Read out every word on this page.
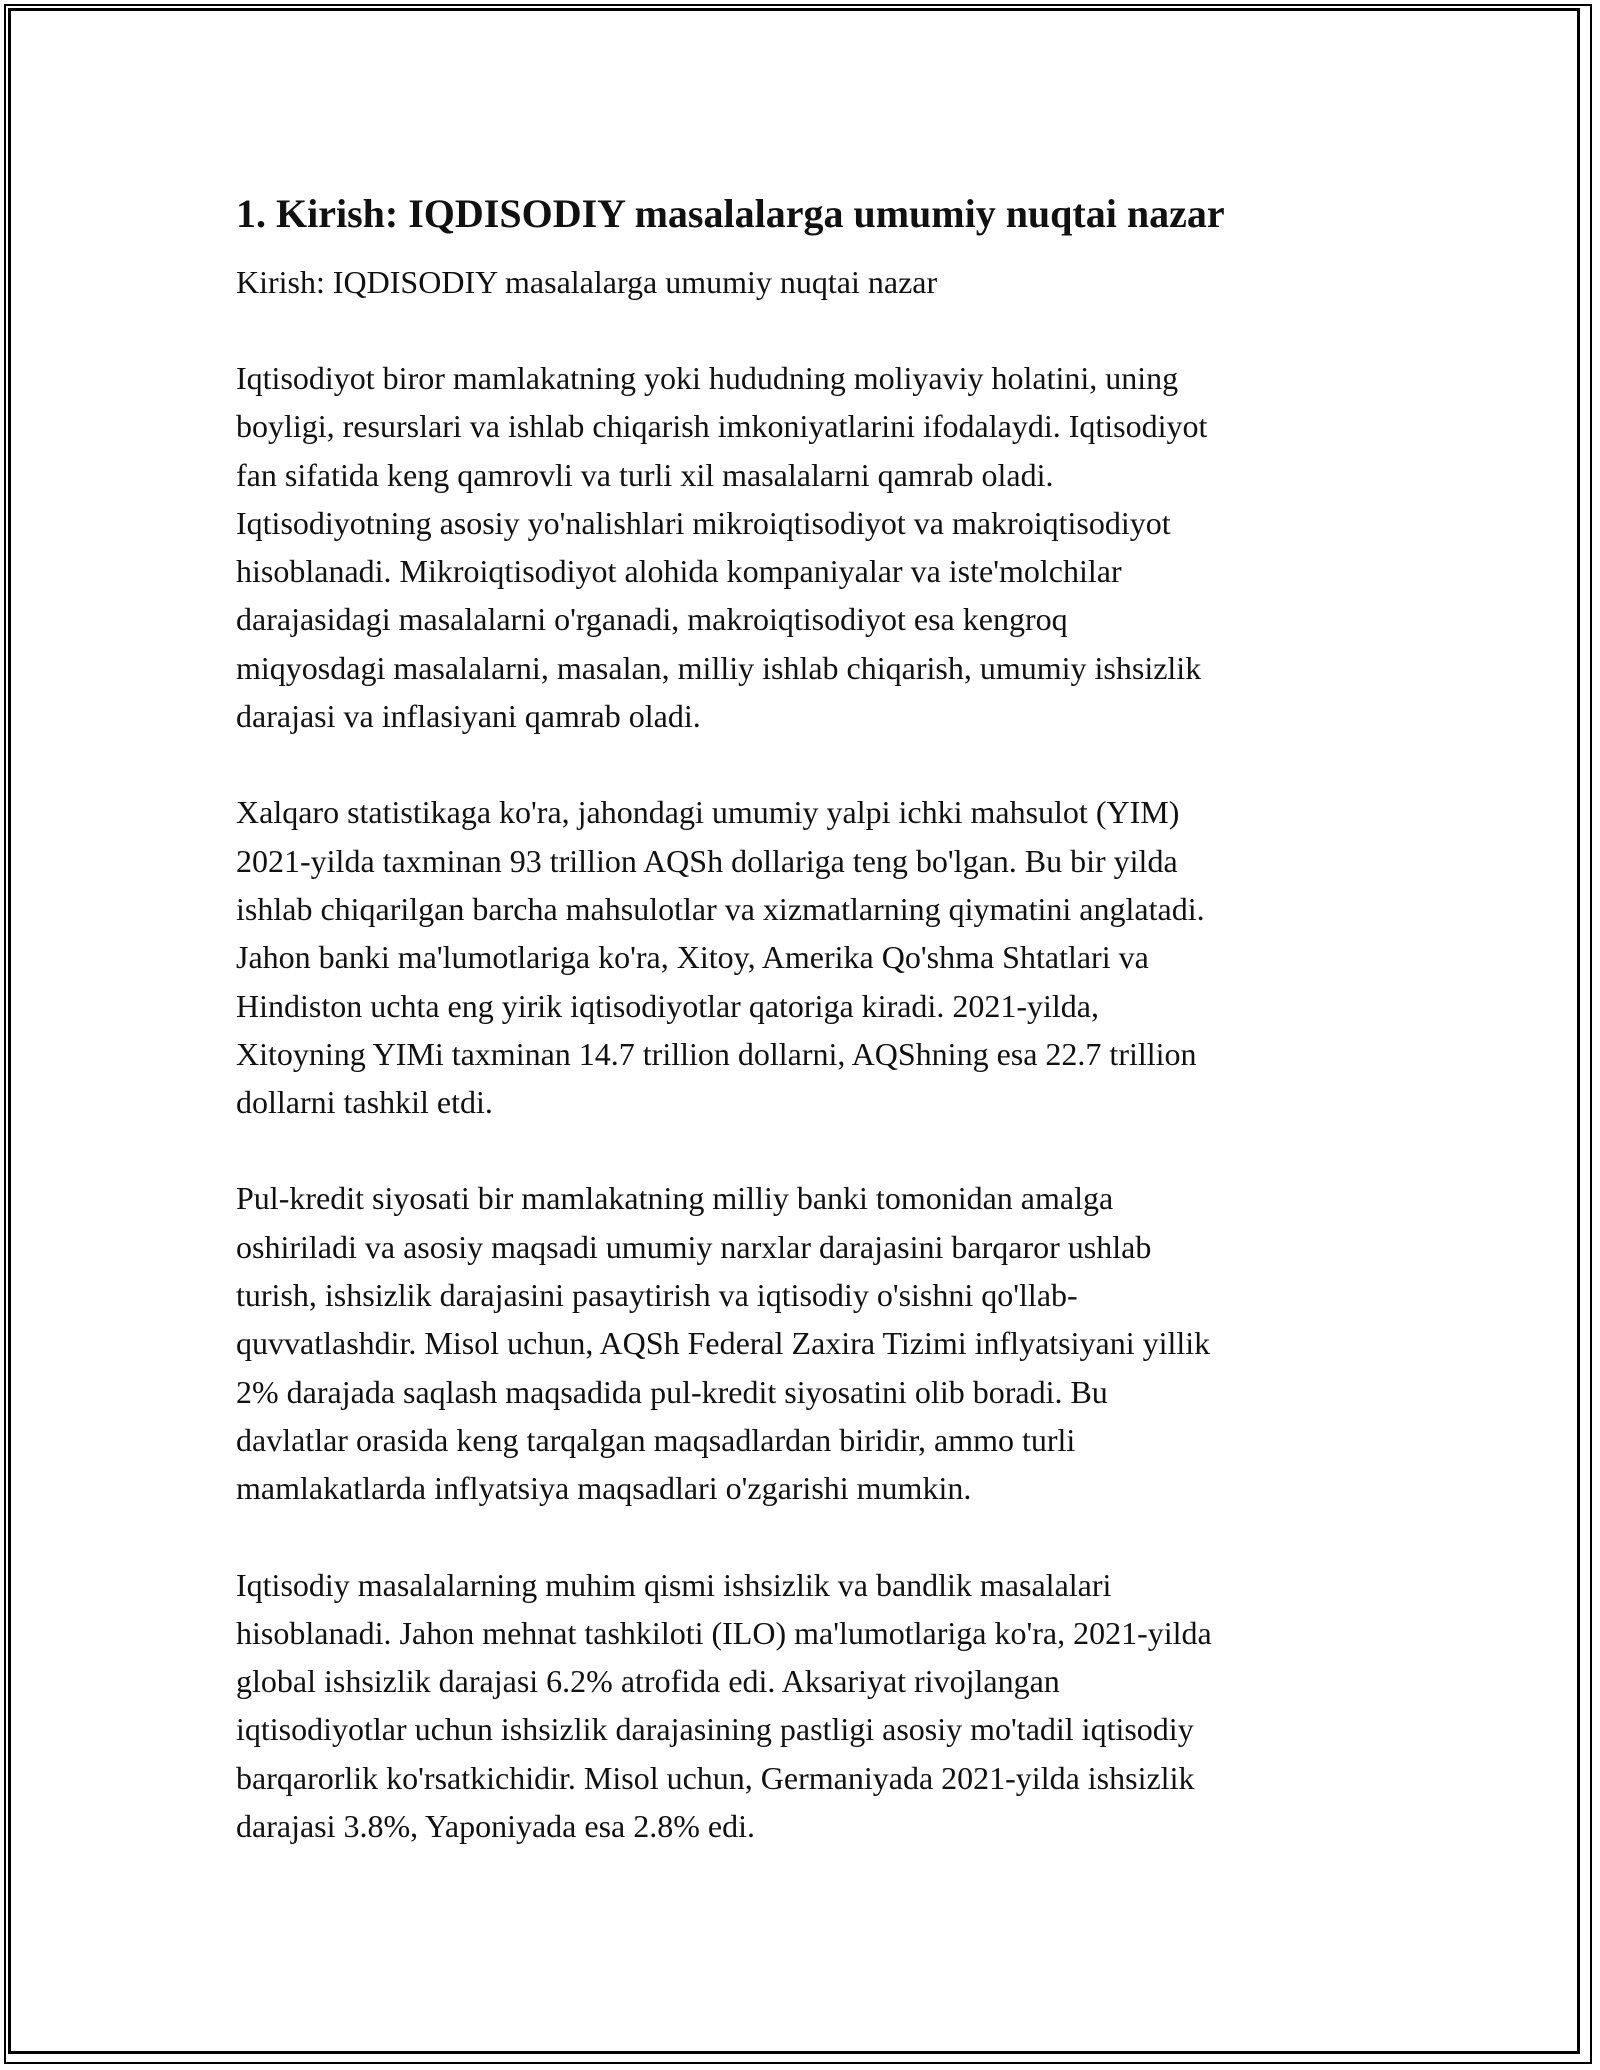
1. Kirish: IQDISODIY masalalarga umumiy nuqtai nazar
Kirish: IQDISODIY masalalarga umumiy nuqtai nazar

Iqtisodiyot biror mamlakatning yoki hududning moliyaviy holatini, uning
boyligi, resurslari va ishlab chiqarish imkoniyatlarini ifodalaydi. Iqtisodiyot
fan sifatida keng qamrovli va turli xil masalalarni qamrab oladi.
Iqtisodiyotning asosiy yo'nalishlari mikroiqtisodiyot va makroiqtisodiyot
hisoblanadi. Mikroiqtisodiyot alohida kompaniyalar va iste'molchilar
darajasidagi masalalarni o'rganadi, makroiqtisodiyot esa kengroq
miqyosdagi masalalarni, masalan, milliy ishlab chiqarish, umumiy ishsizlik
darajasi va inflasiyani qamrab oladi.

Xalqaro statistikaga ko'ra, jahondagi umumiy yalpi ichki mahsulot (YIM)
2021-yilda taxminan 93 trillion AQSh dollariga teng bo'lgan. Bu bir yilda
ishlab chiqarilgan barcha mahsulotlar va xizmatlarning qiymatini anglatadi.
Jahon banki ma'lumotlariga ko'ra, Xitoy, Amerika Qo'shma Shtatlari va
Hindiston uchta eng yirik iqtisodiyotlar qatoriga kiradi. 2021-yilda,
Xitoyning YIMi taxminan 14.7 trillion dollarni, AQShning esa 22.7 trillion
dollarni tashkil etdi.

Pul-kredit siyosati bir mamlakatning milliy banki tomonidan amalga
oshiriladi va asosiy maqsadi umumiy narxlar darajasini barqaror ushlab
turish, ishsizlik darajasini pasaytirish va iqtisodiy o'sishni qo'llab-
quvvatlashdir. Misol uchun, AQSh Federal Zaxira Tizimi inflyatsiyani yillik
2% darajada saqlash maqsadida pul-kredit siyosatini olib boradi. Bu
davlatlar orasida keng tarqalgan maqsadlardan biridir, ammo turli
mamlakatlarda inflyatsiya maqsadlari o'zgarishi mumkin.

Iqtisodiy masalalarning muhim qismi ishsizlik va bandlik masalalari
hisoblanadi. Jahon mehnat tashkiloti (ILO) ma'lumotlariga ko'ra, 2021-yilda
global ishsizlik darajasi 6.2% atrofida edi. Aksariyat rivojlangan
iqtisodiyotlar uchun ishsizlik darajasining pastligi asosiy mo'tadil iqtisodiy
barqarorlik ko'rsatkichidir. Misol uchun, Germaniyada 2021-yilda ishsizlik
darajasi 3.8%, Yaponiyada esa 2.8% edi.
